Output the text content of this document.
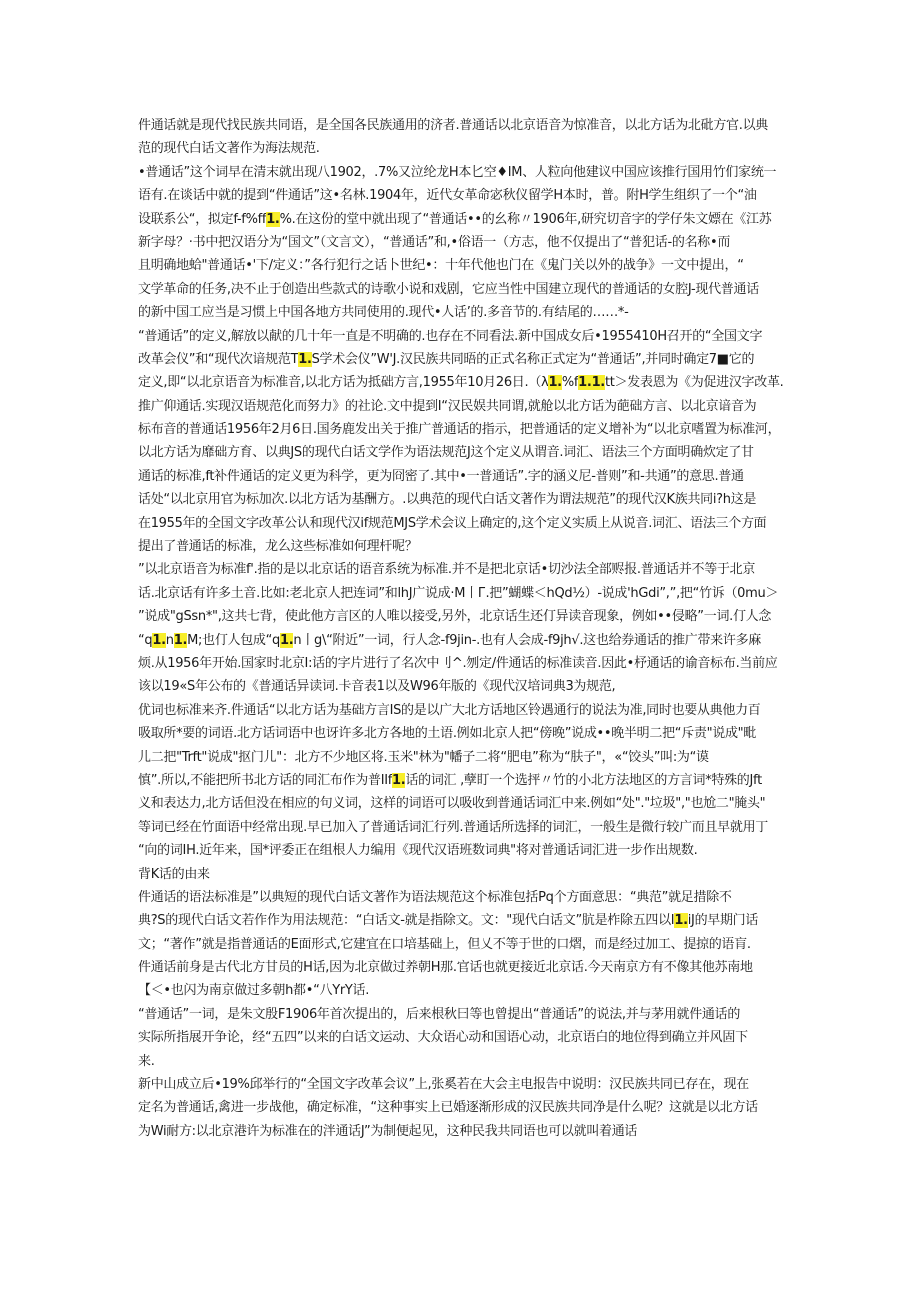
件通话就是现代找民族共同语，是全国各民族通用的济者.普通话以北京语音为惊准音，以北方话为北砒方官.以典
范的现代白话文著作为海法规范.
•普通话”这个词早在清末就出现八1902，.7%又泣纶龙H本匕空♦IM、人粒向他建议中国应该推行国用竹们家统一
语有.在谈话中就的提到“件通话”这•名林.1904年，近代女革命宓秋仪留学H本时，普。附H学生组织了一个“油
设联系公“，拟定f-f%ff1.%.在这份的堂中就出现了“普通话••的幺称〃1906年,研究切音字的学仔朱文嫖在《江苏
新字母？·书中把汉语分为“国文”（文言文），“普通话”和,•俗语一（方志，他不仅提出了“普犯话-的名称•而
且明确地蛤"普通话•'下/定义：”各行犯行之话卜世纪•：十年代他也门在《鬼门关以外的战争》一文中提出，“
文学革命的任务,决不止于创造出些款式的诗歌小说和戏剧，它应当性中国建立现代的普通话的女腔J-现代普通话
的新中国工应当是习惯上中国各地方共同使用的.现代•人话’的.多音节的.有结尾的……*-
“普通话”的定义,解放以献的几十年一直是不明确的.也存在不同看法.新中国成女后•1955410H召开的“全国文字
改革会仪”和“现代次谙规范T1.S学术会仪”W'J.汉民族共同晤的正式名称正式定为“普通话”,并同时确定7■它的
定义,即“以北京语音为标准音,以北方话为抵础方言,1955年10月26日.（λ1.%f1.1.tt＞发表恩为《为促进汉字改革.
推广仰通话.实现汉语规范化而努力》的社论.文中提到I“汉民娱共同谓,就舱以北方话为葩础方言、以北京谙音为
标布音的普通话1956年2月6日.国务鹿发出关于推广普通话的指示，把普通话的定义增补为“以北京嗜置为标准河，
以北方话为靡础方育、以典JS的现代白话文学作为语法规范J这个定义从谓音.词汇、语法三个方面明确炊定了甘
通话的标准,ft补件通话的定义更为科学，更为冏密了.其中•一普通话”.字的涵义尼-普则”和-共通”的意思.普通
话处“以北京用官为标加次.以北方话为基酬方。.以典范的现代白话文著作为谓法规范”的现代汉K族共同i?h这是
在1955年的全国文字改革公认和现代汉if规范MJS学术会议上确定的,这个定义实质上从说音.词汇、语法三个方面
提出了普通话的标准，龙么这些标准如何理杆呢？
”以北京语音为标准f'.指的是以北京话的语音系统为标准.并不是把北京话•切沙法全部赆报.普通话并不等于北京
话.北京话有许多土音.比如:老北京人把连词”和lhJ广说成·M丨Г.把”蝴蝶＜hQd½）-说成'hGdi”,”,把“竹诉（0mu＞
”说成"gSsn*",这共七背，使此他方言区的人唯以接受,另外，北京话生还仃异读音现象，例如••侵略”一词.仃人念
“q1.n1.M;也仃人包成“q1.n丨g\“附近”一词，行人念-f9jin-.也有人会成-f9jh√.这也给券通话的推广带来许多麻
烦.从1956年开始.国家时北京I:话的字片进行了名次中刂^.刎定/件通话的标准读音.因此•杼通话的谕音标布.当前应
该以19«S年公布的《普通话异读词.卡音表1以及W96年版的《现代汉培词典3为规范,
优词也标准来齐.件通话“以北方话为基础方言IS的是以广大北方话地区铃遇通行的说法为准,同时也要从典他力百
吸取所*要的词语.北方话词语中也讶许多北方各地的土语.例如北京人把“傍晚”说成••晚半明二把“斥责"说成"毗
儿二把"Trft"说成"抠门儿"：北方不少地区将.玉米"林为"幡子二将“肥电”称为“肤子"，«“饺头”叫:为“谟
慎”.所以,不能把所书北方话的同汇布作为普IIf1.话的词汇 ,孽盯一个选抨〃竹的小北方法地区的方言词*特殊的Jft
义和表达力,北方话但没在相应的句义词，这样的词语可以吸收到普通话词汇中来.例如“处"."垃圾","也尬二"腌头"
等词已经在竹面语中经常出现.早已加入了普通话词汇行列.普通话所选择的词汇，一般生是微行较广而且早就用丁
“向的词IH.近年来，国*评委正在组根人力编用《现代汉语班数词典"将对普通话词汇进一步作出规数.
背K话的由来
件通话的语法标准是”以典短的现代白话文著作为语法规范这个标准包括Pq个方面意思：“典范”就足措除不
典?S的现代白话文若作作为用法规范：“白话文-就是指除文。文："现代白话文”肮是柞除五四以I1.iJ的早期门话
文；“著作”就是指普通话的E面形式,它建宜在口培基础上，但乂不等于世的口熠，而是经过加工、提掠的语肓.
件通话前身是古代北方甘员的H话,因为北京做过养朝H那.官话也就更接近北京话.今天南京方有不像其他苏南地
【＜•也闪为南京做过多朝h都•“八YrY话.
“普通话”一词，是朱文殷F1906年首次提出的，后来根秋曰等也曾提出“普通话”的说法,并与茅用就件通话的
实际所指展开争论，经“五四”以来的白话文运动、大众语心动和国语心动，北京语白的地位得到确立并风固下
来.
新中山成立后•19%邱举行的“全国文字改革会议”上,张奚若在大会主电报告中说明：汉民族共同已存在，现在
定名为普通话,禽进一步战他，确定标准，“这种事实上已婚逐渐形成的汉民族共同净是什么呢？这就是以北方话
为Wi耐方:以北京港许为标准在的泮通话J”为制便起见，这种民我共同语也可以就叫着通话
